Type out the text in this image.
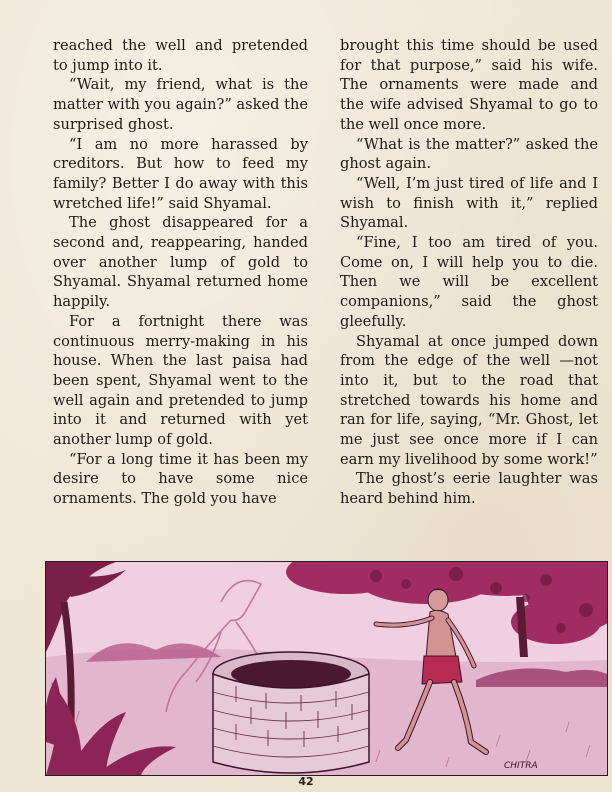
reached the well and pretended to jump into it.

“Wait, my friend, what is the matter with you again?” asked the surprised ghost.

“I am no more harassed by creditors. But how to feed my family? Better I do away with this wretched life!” said Shyamal.

The ghost disappeared for a second and, reappearing, handed over another lump of gold to Shyamal. Shyamal returned home happily.

For a fortnight there was continuous merry-making in his house. When the last paisa had been spent, Shyamal went to the well again and pretended to jump into it and returned with yet another lump of gold.

“For a long time it has been my desire to have some nice ornaments. The gold you have

brought this time should be used for that purpose,” said his wife. The ornaments were made and the wife advised Shyamal to go to the well once more.

“What is the matter?” asked the ghost again.

“Well, I’m just tired of life and I wish to finish with it,” replied Shyamal.

“Fine, I too am tired of you. Come on, I will help you to die. Then we will be excellent companions,” said the ghost gleefully.

Shyamal at once jumped down from the edge of the well —not into it, but to the road that stretched towards his home and ran for life, saying, “Mr. Ghost, let me just see once more if I can earn my livelihood by some work!”

The ghost’s eerie laughter was heard behind him.

CHITRA
42
